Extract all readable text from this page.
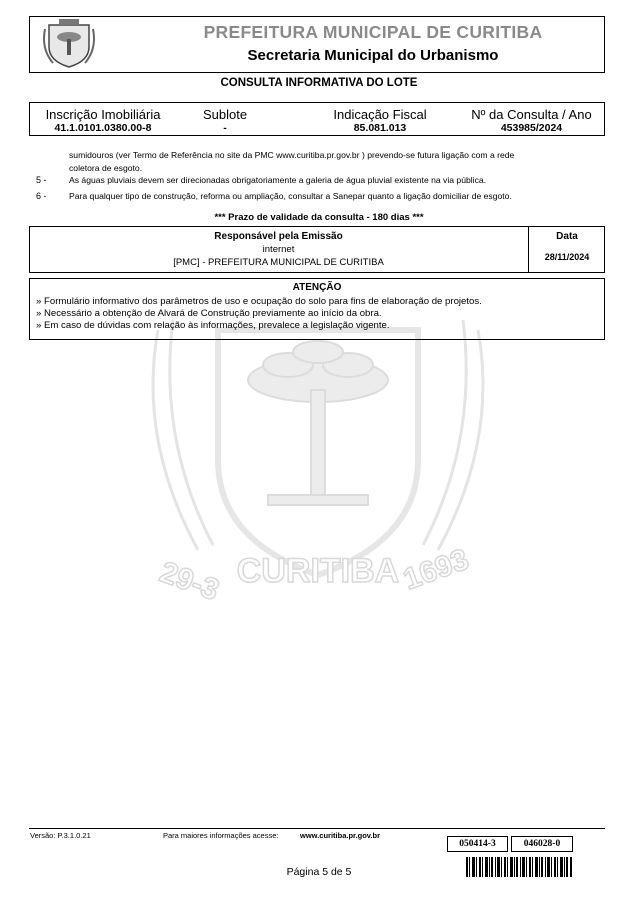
CURITIBA
29-3	1693
PREFEITURA MUNICIPAL DE CURITIBA
Secretaria Municipal do Urbanismo
CONSULTA INFORMATIVA DO LOTE
Inscrição Imobiliária
41.1.0101.0380.00-8
Sublote
-
Indicação Fiscal
85.081.013
Nº da Consulta / Ano
453985/2024
sumidouros (ver Termo de Referência no site da PMC www.curitiba.pr.gov.br ) prevendo-se futura ligação com a rede
coletora de esgoto.
5 -	As águas pluviais devem ser direcionadas obrigatoriamente a galeria de água pluvial existente na via pública.
6 -	Para qualquer tipo de construção, reforma ou ampliação, consultar a Sanepar quanto a ligação domiciliar de esgoto.
*** Prazo de validade da consulta - 180 dias ***
Responsável pela Emissão
internet
[PMC] - PREFEITURA MUNICIPAL DE CURITIBA
Data
28/11/2024
ATENÇÃO
» Formulário informativo dos parâmetros de uso e ocupação do solo para fins de elaboração de projetos.
» Necessário a obtenção de Alvará de Construção previamente ao início da obra.
» Em caso de dúvidas com relação às informações, prevalece a legislação vigente.
Versão: P.3.1.0.21	Para maiores informações acesse:	www.curitiba.pr.gov.br
050414-3	046028-0
Página 5 de 5
